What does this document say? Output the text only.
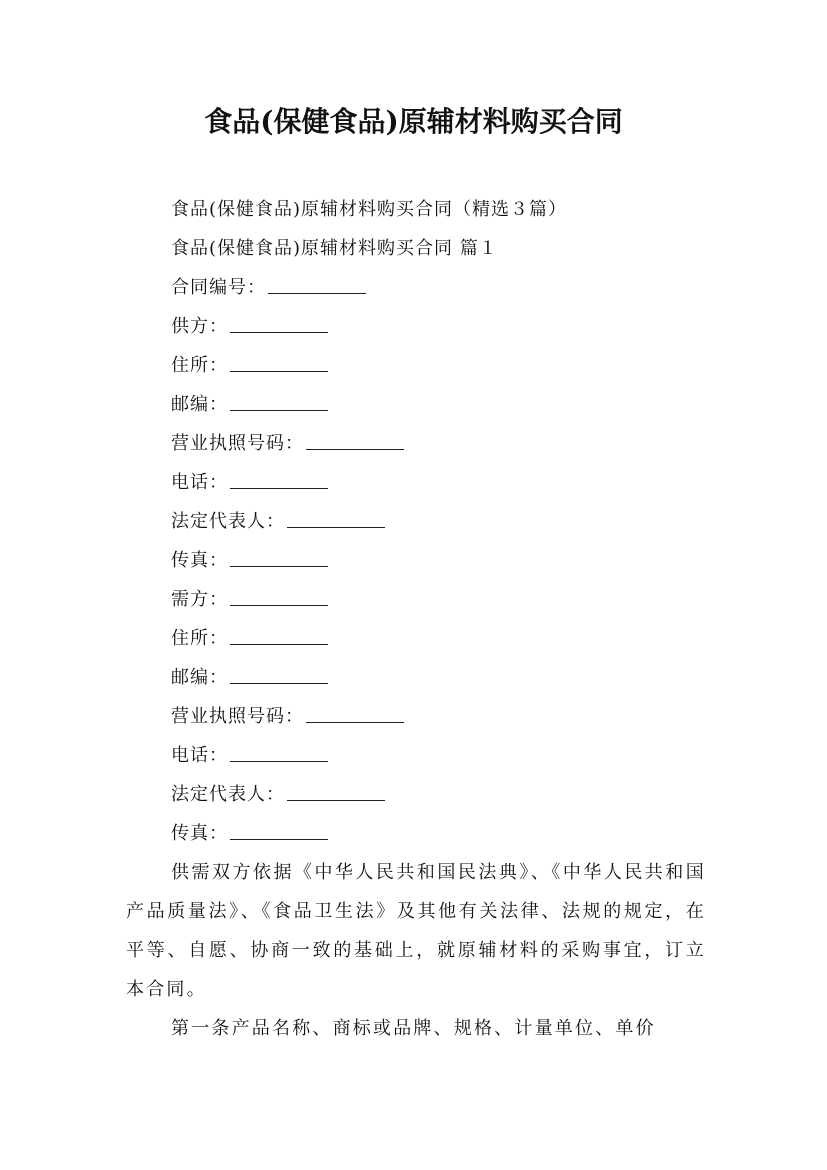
食品(保健食品)原辅材料购买合同
食品(保健食品)原辅材料购买合同（精选３篇）
食品(保健食品)原辅材料购买合同 篇１
合同编号：
供方：
住所：
邮编：
营业执照号码：
电话：
法定代表人：
传真：
需方：
住所：
邮编：
营业执照号码：
电话：
法定代表人：
传真：

供需双方依据《中华人民共和国民法典》、《中华人民共和国产品质量法》、《食品卫生法》及其他有关法律、法规的规定，在平等、自愿、协商一致的基础上，就原辅材料的采购事宜，订立本合同。

第一条产品名称、商标或品牌、规格、计量单位、单价
